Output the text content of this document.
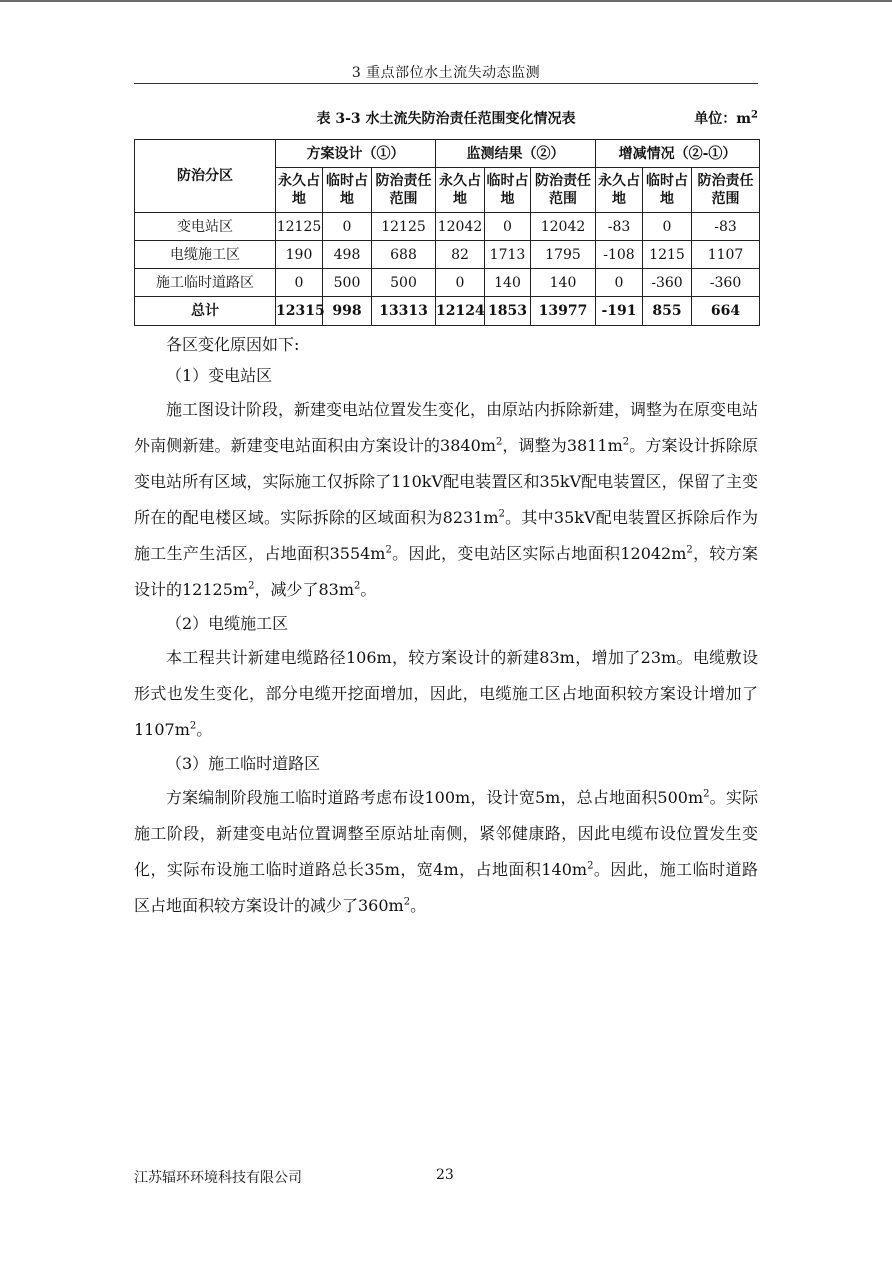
3 重点部位水土流失动态监测
表 3-3 水土流失防治责任范围变化情况表	单位：$m^2$
防治分区	方案设计（①）			监测结果（②）			增减情况（②-①）		
	永久占地	临时占地	防治责任范围	永久占地	临时占地	防治责任范围	永久占地	临时占地	防治责任范围
变电站区	12125	0	12125	12042	0	12042	-83	0	-83
电缆施工区	190	498	688	82	1713	1795	-108	1215	1107
施工临时道路区	0	500	500	0	140	140	0	-360	-360
总计	12315	998	13313	12124	1853	13977	-191	855	664

各区变化原因如下:

（1）变电站区

施工图设计阶段，新建变电站位置发生变化，由原站内拆除新建，调整为在原变电站外南侧新建。新建变电站面积由方案设计的$3840m^2$，调整为$3811m^2$。方案设计拆除原变电站所有区域，实际施工仅拆除了110kV配电装置区和35kV配电装置区，保留了主变所在的配电楼区域。实际拆除的区域面积为$8231m^2$。其中35kV配电装置区拆除后作为施工生产生活区，占地面积$3554m^2$。因此，变电站区实际占地面积$12042m^2$，较方案设计的$12125m^2$，减少了$83m^2$。

（2）电缆施工区

本工程共计新建电缆路径106m，较方案设计的新建83m，增加了23m。电缆敷设形式也发生变化，部分电缆开挖面增加，因此，电缆施工区占地面积较方案设计增加了$1107m^2$。

（3）施工临时道路区

方案编制阶段施工临时道路考虑布设100m，设计宽5m，总占地面积$500m^2$。实际施工阶段，新建变电站位置调整至原站址南侧，紧邻健康路，因此电缆布设位置发生变化，实际布设施工临时道路总长35m，宽4m，占地面积$140m^2$。因此，施工临时道路区占地面积较方案设计的减少了$360m^2$。

江苏辐环环境科技有限公司	23
